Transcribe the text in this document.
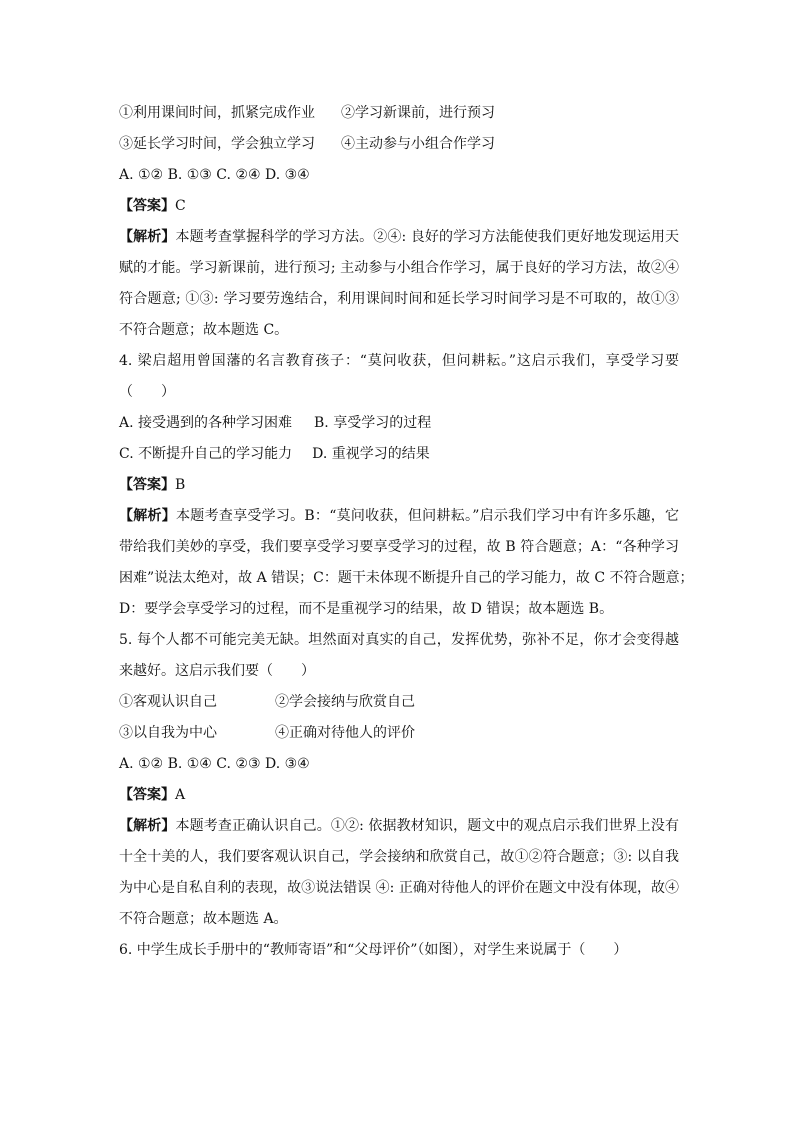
①利用课间时间，抓紧完成作业 ②学习新课前，进行预习
③延长学习时间，学会独立学习 ④主动参与小组合作学习
A. ①② B. ①③ C. ②④ D. ③④
【答案】C
【解析】本题考查掌握科学的学习方法。②④: 良好的学习方法能使我们更好地发现运用天
赋的才能。学习新课前，进行预习; 主动参与小组合作学习，属于良好的学习方法，故②④
符合题意; ①③: 学习要劳逸结合，利用课间时间和延长学习时间学习是不可取的，故①③
不符合题意；故本题选 C。
4. 梁启超用曾国藩的名言教育孩子：“莫问收获，但问耕耘。”这启示我们，享受学习要
（　　）
A. 接受遇到的各种学习困难 B. 享受学习的过程
C. 不断提升自己的学习能力 D. 重视学习的结果
【答案】B
【解析】本题考查享受学习。B：“莫问收获，但问耕耘。”启示我们学习中有许多乐趣，它
带给我们美妙的享受，我们要享受学习要享受学习的过程，故 B 符合题意；A：“各种学习
困难”说法太绝对，故 A 错误；C：题干未体现不断提升自己的学习能力，故 C 不符合题意；
D：要学会享受学习的过程，而不是重视学习的结果，故 D 错误；故本题选 B。
5. 每个人都不可能完美无缺。坦然面对真实的自己，发挥优势，弥补不足，你才会变得越
来越好。这启示我们要（　　）
①客观认识自己	②学会接纳与欣赏自己
③以自我为中心	④正确对待他人的评价
A. ①② B. ①④ C. ②③ D. ③④
【答案】A
【解析】本题考查正确认识自己。①②: 依据教材知识，题文中的观点启示我们世界上没有
十全十美的人，我们要客观认识自己，学会接纳和欣赏自己，故①②符合题意；③: 以自我
为中心是自私自利的表现，故③说法错误 ④: 正确对待他人的评价在题文中没有体现，故④
不符合题意；故本题选 A。
6. 中学生成长手册中的“教师寄语”和“父母评价”（如图），对学生来说属于（　　）
